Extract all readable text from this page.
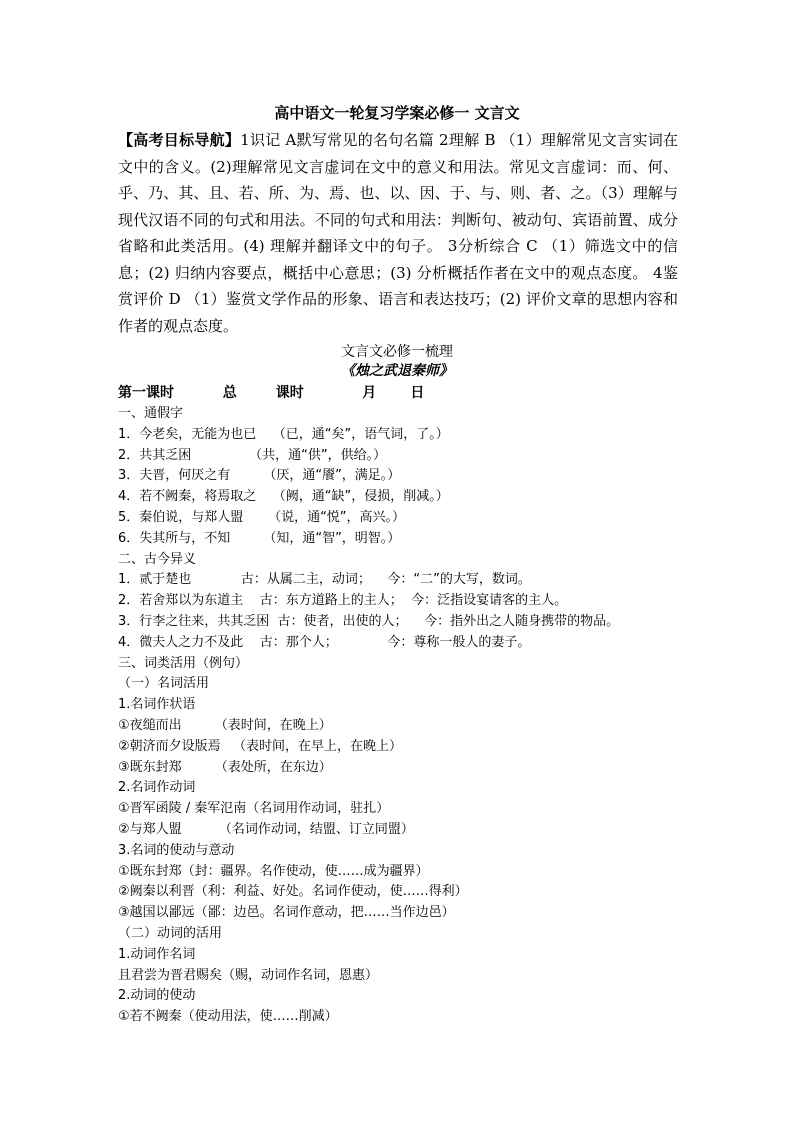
高中语文一轮复习学案必修一 文言文
【高考目标导航】1识记 A默写常见的名句名篇 2理解 B （1）理解常见文言实词在文中的含义。(2)理解常见文言虚词在文中的意义和用法。常见文言虚词：而、何、乎、乃、其、且、若、所、为、焉、也、以、因、于、与、则、者、之。（3）理解与现代汉语不同的句式和用法。不同的句式和用法：判断句、被动句、宾语前置、成分省略和此类活用。(4) 理解并翻译文中的句子。 3分析综合 C （1）筛选文中的信息；(2) 归纳内容要点，概括中心意思；(3) 分析概括作者在文中的观点态度。 4鉴赏评价 D （1）鉴赏文学作品的形象、语言和表达技巧；(2) 评价文章的思想内容和作者的观点态度。
文言文必修一梳理
《烛之武退秦师》
第一课时          总        课时            月       日
一、通假字
1．今老矣，无能为也已    （已，通“矣”，语气词，了。）
2．共其乏困              （共，通“供”，供给。）
3．夫晋，何厌之有        （厌，通“餍”，满足。）
4．若不阙秦，将焉取之    （阙，通“缺”，侵损，削减。）
5．秦伯说，与郑人盟      （说，通“悦”，高兴。）
6．失其所与，不知        （知，通“智”，明智。）
二、古今异义
1．贰于楚也            古：从属二主，动词；    今：“二”的大写，数词。
2．若舍郑以为东道主    古：东方道路上的主人；  今：泛指设宴请客的主人。
3．行李之往来，共其乏困  古：使者，出使的人；    今：指外出之人随身携带的物品。
4．微夫人之力不及此    古：那个人；            今：尊称一般人的妻子。
三、词类活用（例句）
（一）名词活用
1.名词作状语
①夜缒而出        （表时间，在晚上）
②朝济而夕设版焉   （表时间，在早上，在晚上）
③既东封郑        （表处所，在东边）
2.名词作动词
①晋军函陵 / 秦军氾南（名词用作动词，驻扎）
②与郑人盟         （名词作动词，结盟、订立同盟）
3.名词的使动与意动
①既东封郑（封：疆界。名作使动，使……成为疆界）
②阙秦以利晋（利：利益、好处。名词作使动，使……得利）
③越国以鄙远（鄙：边邑。名词作意动，把……当作边邑）
（二）动词的活用
1.动词作名词
且君尝为晋君赐矣（赐，动词作名词，恩惠）
2.动词的使动
①若不阙秦（使动用法，使……削减）
